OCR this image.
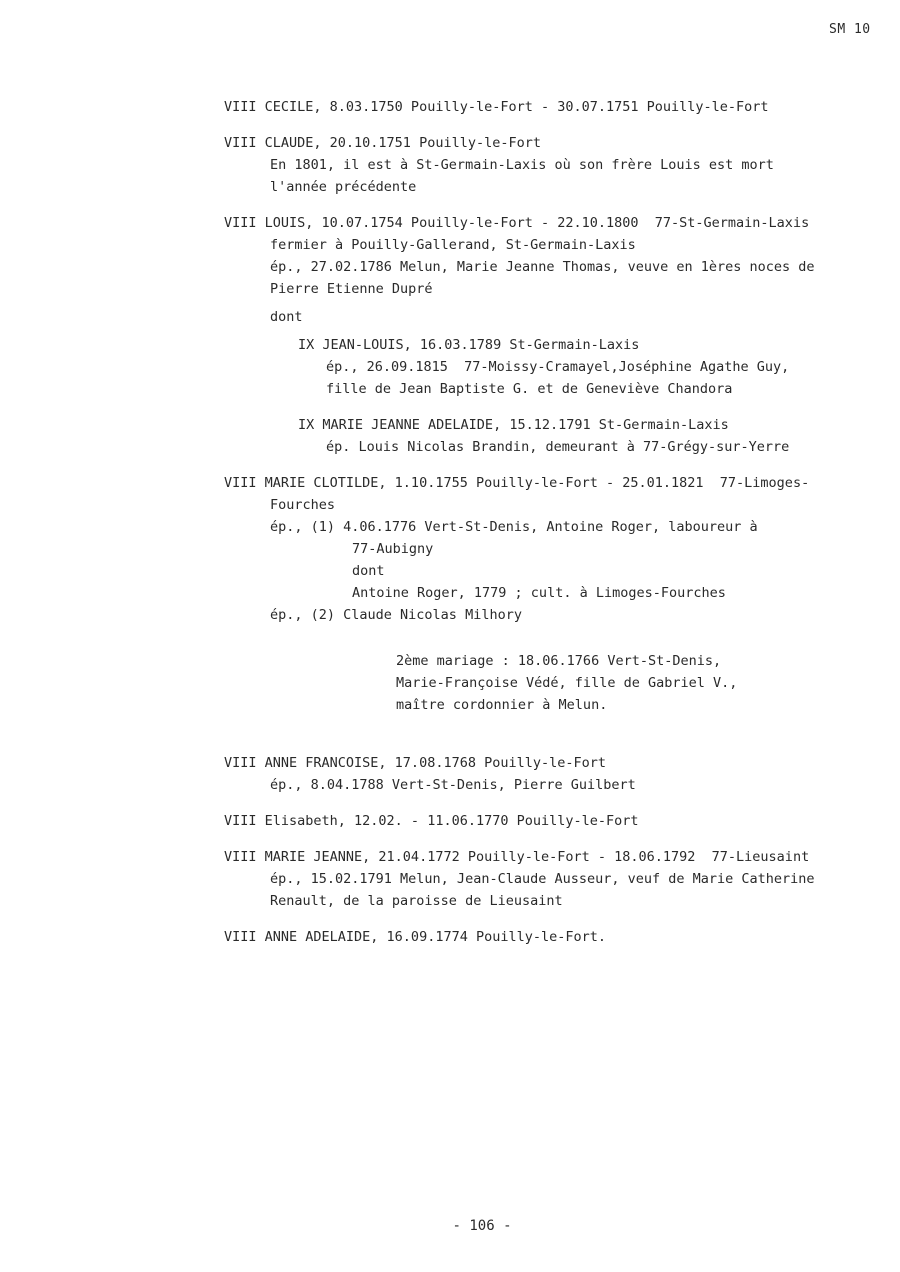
SM 10
VIII CECILE, 8.03.1750 Pouilly-le-Fort - 30.07.1751 Pouilly-le-Fort
VIII CLAUDE, 20.10.1751 Pouilly-le-Fort
En 1801, il est à St-Germain-Laxis où son frère Louis est mort
l'année précédente
VIII LOUIS, 10.07.1754 Pouilly-le-Fort - 22.10.1800  77-St-Germain-Laxis
fermier à Pouilly-Gallerand, St-Germain-Laxis
ép., 27.02.1786 Melun, Marie Jeanne Thomas, veuve en 1ères noces de
Pierre Etienne Dupré
dont
IX JEAN-LOUIS, 16.03.1789 St-Germain-Laxis
ép., 26.09.1815  77-Moissy-Cramayel,Joséphine Agathe Guy,
fille de Jean Baptiste G. et de Geneviève Chandora
IX MARIE JEANNE ADELAIDE, 15.12.1791 St-Germain-Laxis
ép. Louis Nicolas Brandin, demeurant à 77-Grégy-sur-Yerre
VIII MARIE CLOTILDE, 1.10.1755 Pouilly-le-Fort - 25.01.1821  77-Limoges-
Fourches
ép., (1) 4.06.1776 Vert-St-Denis, Antoine Roger, laboureur à
77-Aubigny
dont
Antoine Roger, 1779 ; cult. à Limoges-Fourches
ép., (2) Claude Nicolas Milhory
2ème mariage : 18.06.1766 Vert-St-Denis,
Marie-Françoise Védé, fille de Gabriel V.,
maître cordonnier à Melun.
VIII ANNE FRANCOISE, 17.08.1768 Pouilly-le-Fort
ép., 8.04.1788 Vert-St-Denis, Pierre Guilbert
VIII Elisabeth, 12.02. - 11.06.1770 Pouilly-le-Fort
VIII MARIE JEANNE, 21.04.1772 Pouilly-le-Fort - 18.06.1792  77-Lieusaint
ép., 15.02.1791 Melun, Jean-Claude Ausseur, veuf de Marie Catherine
Renault, de la paroisse de Lieusaint
VIII ANNE ADELAIDE, 16.09.1774 Pouilly-le-Fort.
- 106 -
